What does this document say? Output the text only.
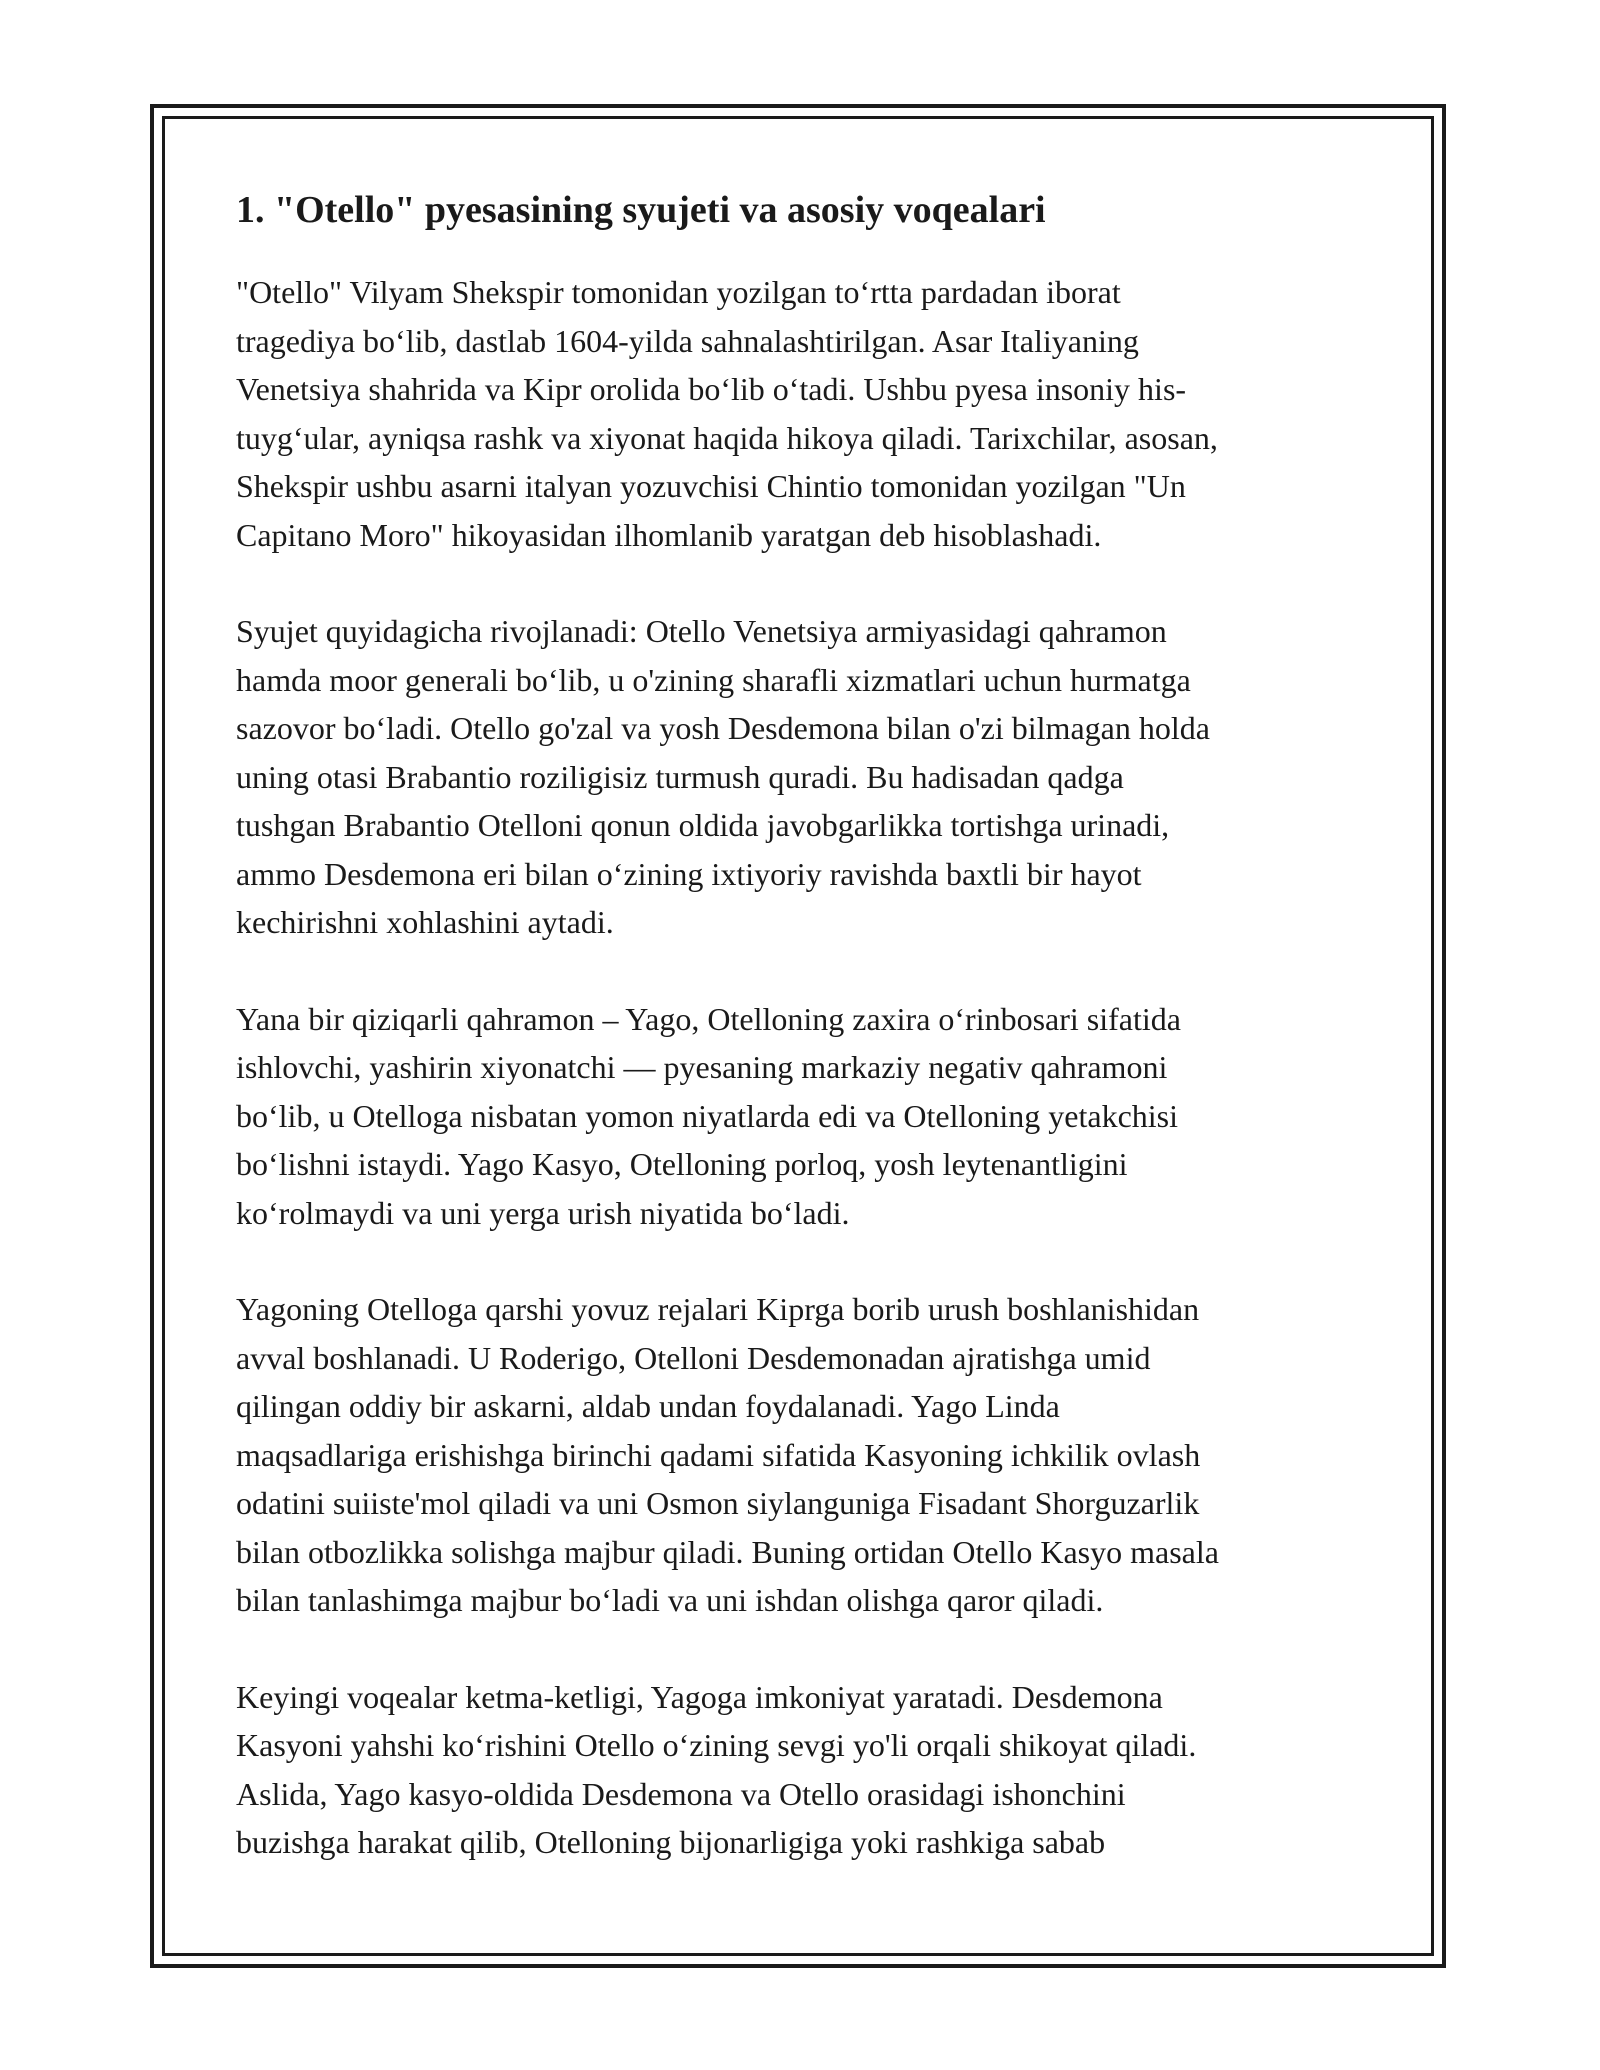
1. "Otello" pyesasining syujeti va asosiy voqealari

"Otello" Vilyam Shekspir tomonidan yozilgan to‘rtta pardadan iborat
tragediya bo‘lib, dastlab 1604-yilda sahnalashtirilgan. Asar Italiyaning
Venetsiya shahrida va Kipr orolida bo‘lib o‘tadi. Ushbu pyesa insoniy his-
tuyg‘ular, ayniqsa rashk va xiyonat haqida hikoya qiladi. Tarixchilar, asosan,
Shekspir ushbu asarni italyan yozuvchisi Chintio tomonidan yozilgan "Un
Capitano Moro" hikoyasidan ilhomlanib yaratgan deb hisoblashadi.

Syujet quyidagicha rivojlanadi: Otello Venetsiya armiyasidagi qahramon
hamda moor generali bo‘lib, u o'zining sharafli xizmatlari uchun hurmatga
sazovor bo‘ladi. Otello go'zal va yosh Desdemona bilan o'zi bilmagan holda
uning otasi Brabantio roziligisiz turmush quradi. Bu hadisadan qadga
tushgan Brabantio Otelloni qonun oldida javobgarlikka tortishga urinadi,
ammo Desdemona eri bilan o‘zining ixtiyoriy ravishda baxtli bir hayot
kechirishni xohlashini aytadi.

Yana bir qiziqarli qahramon – Yago, Otelloning zaxira o‘rinbosari sifatida
ishlovchi, yashirin xiyonatchi — pyesaning markaziy negativ qahramoni
bo‘lib, u Otelloga nisbatan yomon niyatlarda edi va Otelloning yetakchisi
bo‘lishni istaydi. Yago Kasyo, Otelloning porloq, yosh leytenantligini
ko‘rolmaydi va uni yerga urish niyatida bo‘ladi.

Yagoning Otelloga qarshi yovuz rejalari Kiprga borib urush boshlanishidan
avval boshlanadi. U Roderigo, Otelloni Desdemonadan ajratishga umid
qilingan oddiy bir askarni, aldab undan foydalanadi. Yago Linda
maqsadlariga erishishga birinchi qadami sifatida Kasyoning ichkilik ovlash
odatini suiiste'mol qiladi va uni Osmon siylanguniga Fisadant Shorguzarlik
bilan otbozlikka solishga majbur qiladi. Buning ortidan Otello Kasyo masala
bilan tanlashimga majbur bo‘ladi va uni ishdan olishga qaror qiladi.

Keyingi voqealar ketma-ketligi, Yagoga imkoniyat yaratadi. Desdemona
Kasyoni yahshi ko‘rishini Otello o‘zining sevgi yo'li orqali shikoyat qiladi.
Aslida, Yago kasyo-oldida Desdemona va Otello orasidagi ishonchini
buzishga harakat qilib, Otelloning bijonarligiga yoki rashkiga sabab
